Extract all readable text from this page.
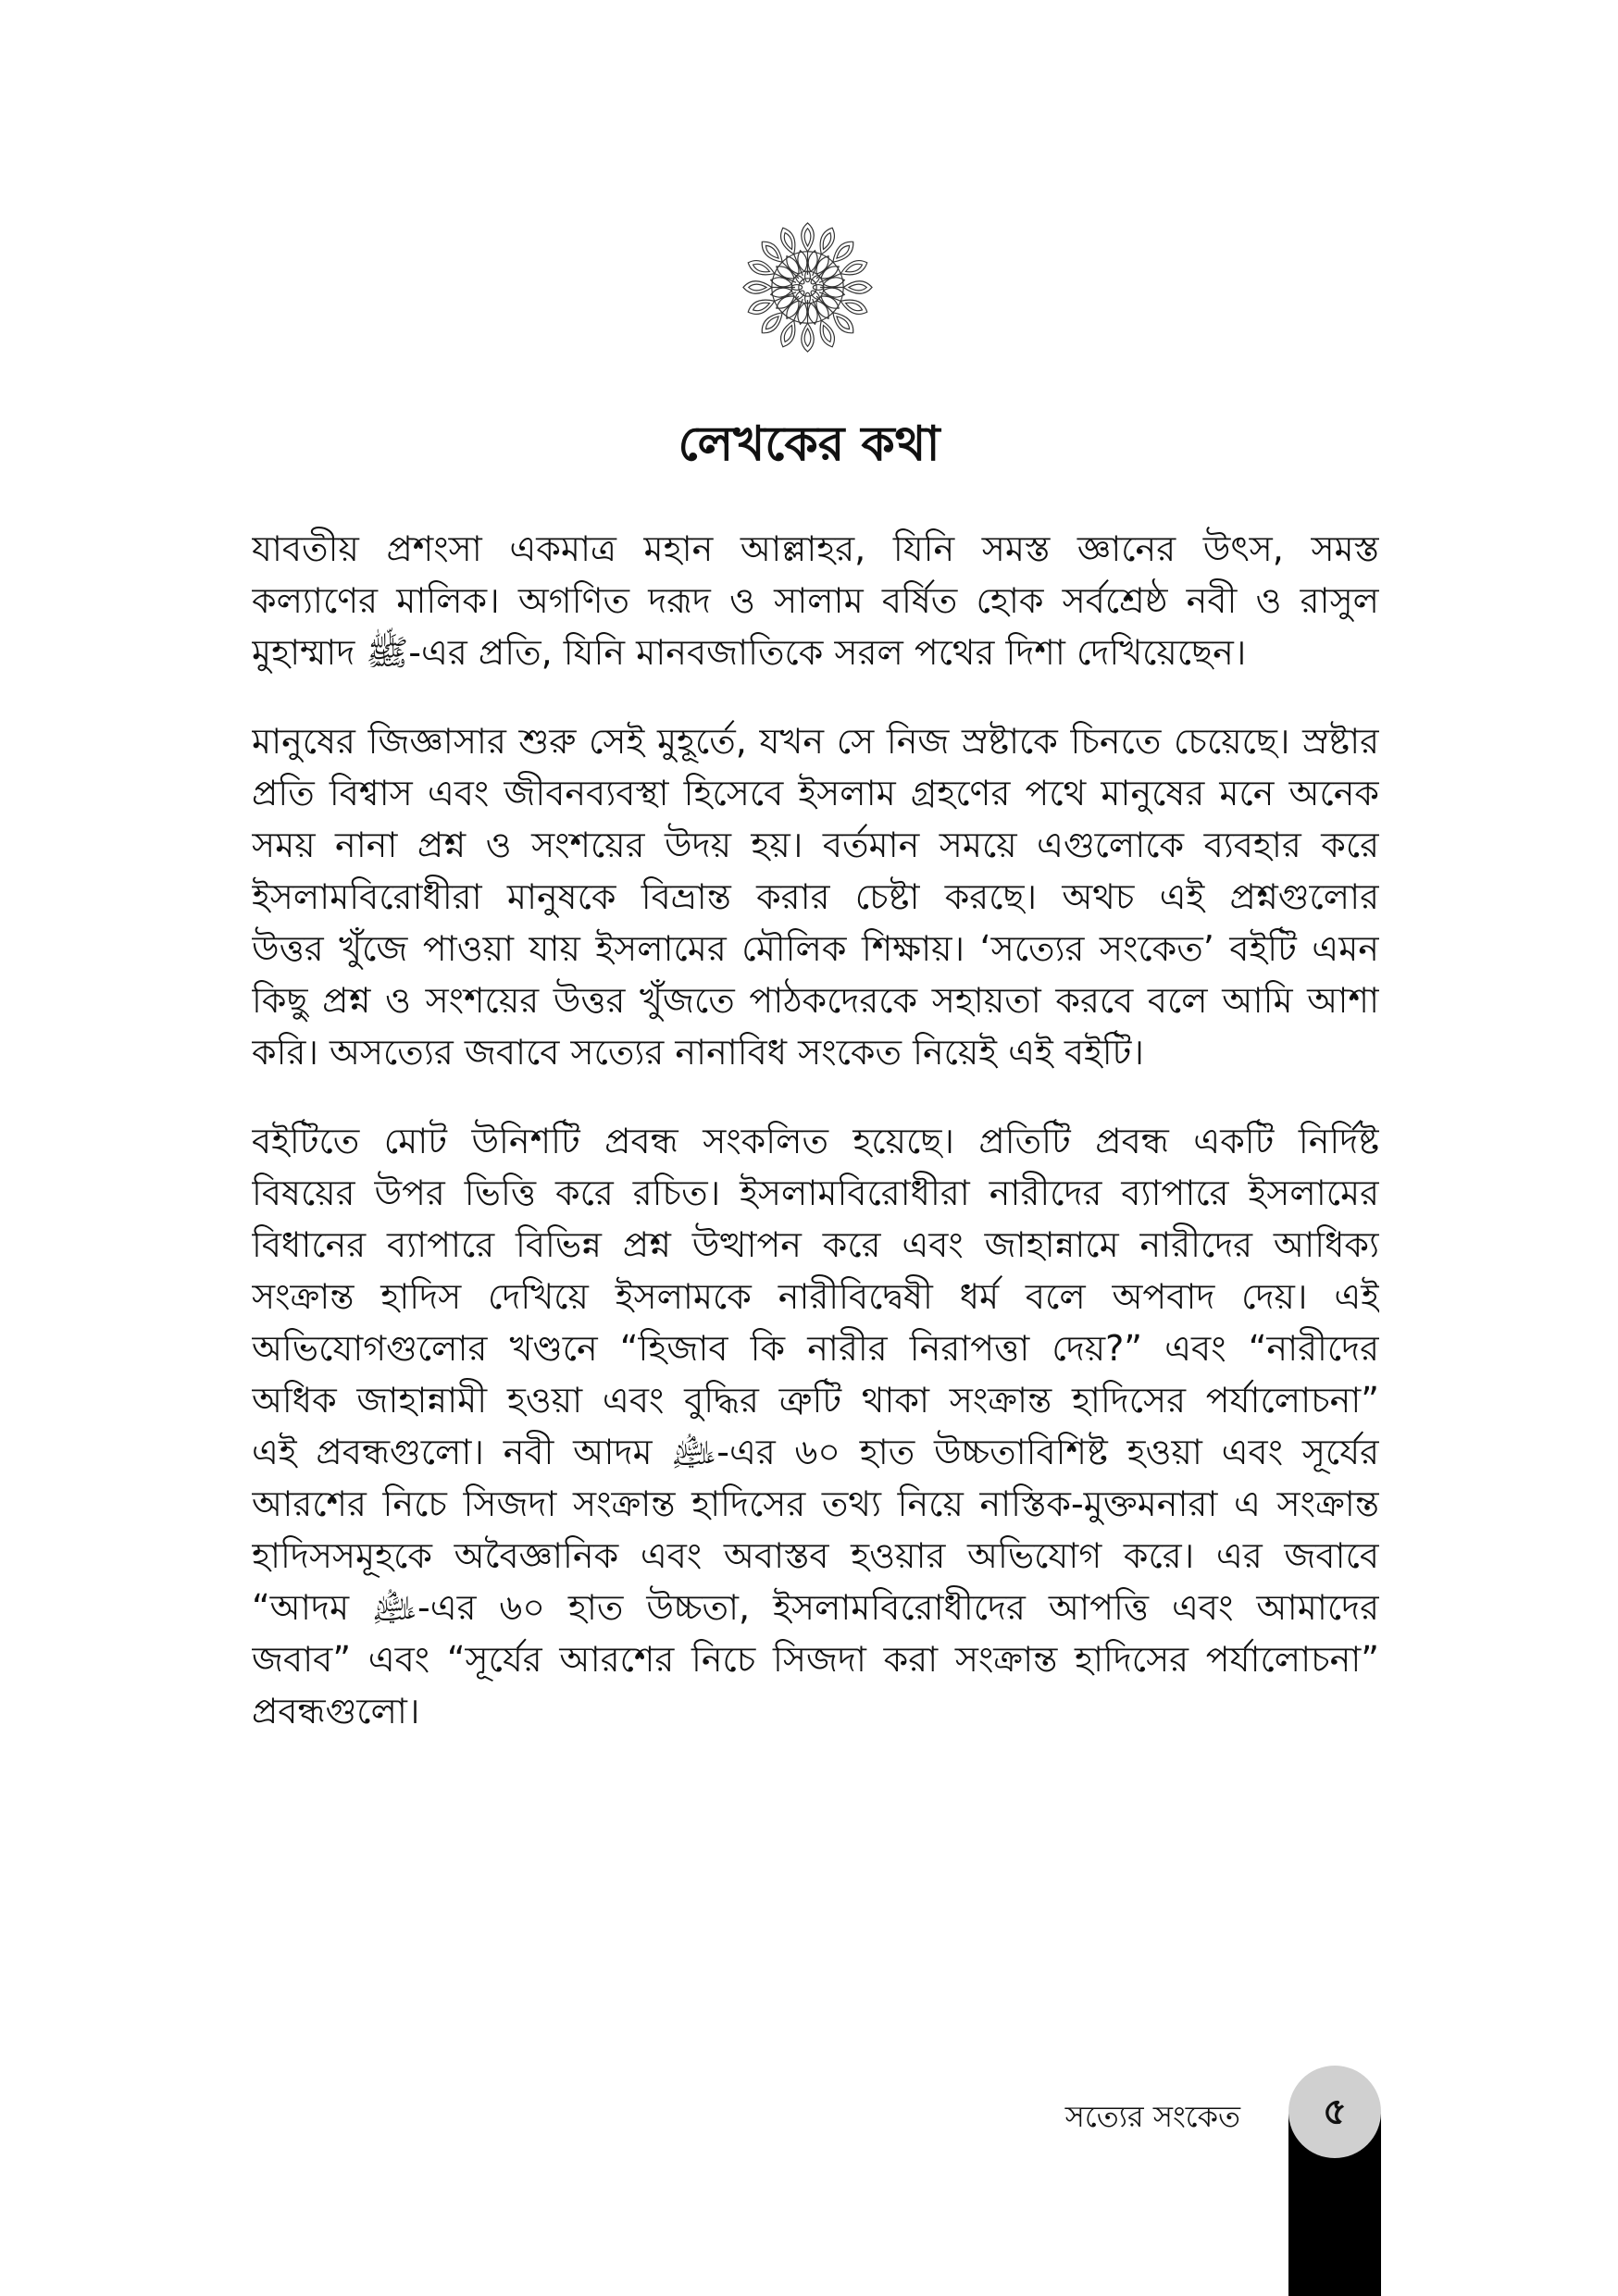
লেখকের কথা

যাবতীয় প্রশংসা একমাত্র মহান আল্লাহর, যিনি সমস্ত জ্ঞানের উৎস, সমস্ত
কল্যাণের মালিক। অগণিত দরূদ ও সালাম বর্ষিত হোক সর্বশ্রেষ্ঠ নবী ও রাসুল
মুহাম্মাদ ﷺ-এর প্রতি, যিনি মানবজাতিকে সরল পথের দিশা দেখিয়েছেন।

মানুষের জিজ্ঞাসার শুরু সেই মুহূর্তে, যখন সে নিজ স্রষ্টাকে চিনতে চেয়েছে। স্রষ্টার
প্রতি বিশ্বাস এবং জীবনব্যবস্থা হিসেবে ইসলাম গ্রহণের পথে মানুষের মনে অনেক
সময় নানা প্রশ্ন ও সংশয়ের উদয় হয়। বর্তমান সময়ে এগুলোকে ব্যবহার করে
ইসলামবিরোধীরা মানুষকে বিভ্রান্ত করার চেষ্টা করছে। অথচ এই প্রশ্নগুলোর
উত্তর খুঁজে পাওয়া যায় ইসলামের মৌলিক শিক্ষায়। ‘সত্যের সংকেত’ বইটি এমন
কিছু প্রশ্ন ও সংশয়ের উত্তর খুঁজতে পাঠকদেরকে সহায়তা করবে বলে আমি আশা
করি। অসত্যের জবাবে সত্যের নানাবিধ সংকেত নিয়েই এই বইটি।

বইটিতে মোট উনিশটি প্রবন্ধ সংকলিত হয়েছে। প্রতিটি প্রবন্ধ একটি নির্দিষ্ট
বিষয়ের উপর ভিত্তি করে রচিত। ইসলামবিরোধীরা নারীদের ব্যাপারে ইসলামের
বিধানের ব্যাপারে বিভিন্ন প্রশ্ন উত্থাপন করে এবং জাহান্নামে নারীদের আধিক্য
সংক্রান্ত হাদিস দেখিয়ে ইসলামকে নারীবিদ্বেষী ধর্ম বলে অপবাদ দেয়। এই
অভিযোগগুলোর খণ্ডনে “হিজাব কি নারীর নিরাপত্তা দেয়?” এবং “নারীদের
অধিক জাহান্নামী হওয়া এবং বুদ্ধির ত্রুটি থাকা সংক্রান্ত হাদিসের পর্যালোচনা”
এই প্রবন্ধগুলো। নবী আদম ﵇-এর ৬০ হাত উচ্চতাবিশিষ্ট হওয়া এবং সূর্যের
আরশের নিচে সিজদা সংক্রান্ত হাদিসের তথ্য নিয়ে নাস্তিক-মুক্তমনারা এ সংক্রান্ত
হাদিসসমূহকে অবৈজ্ঞানিক এবং অবাস্তব হওয়ার অভিযোগ করে। এর জবাবে
“আদম ﵇-এর ৬০ হাত উচ্চতা, ইসলামবিরোধীদের আপত্তি এবং আমাদের
জবাব” এবং “সূর্যের আরশের নিচে সিজদা করা সংক্রান্ত হাদিসের পর্যালোচনা”
প্রবন্ধগুলো।

সত্যের সংকেত	৫
